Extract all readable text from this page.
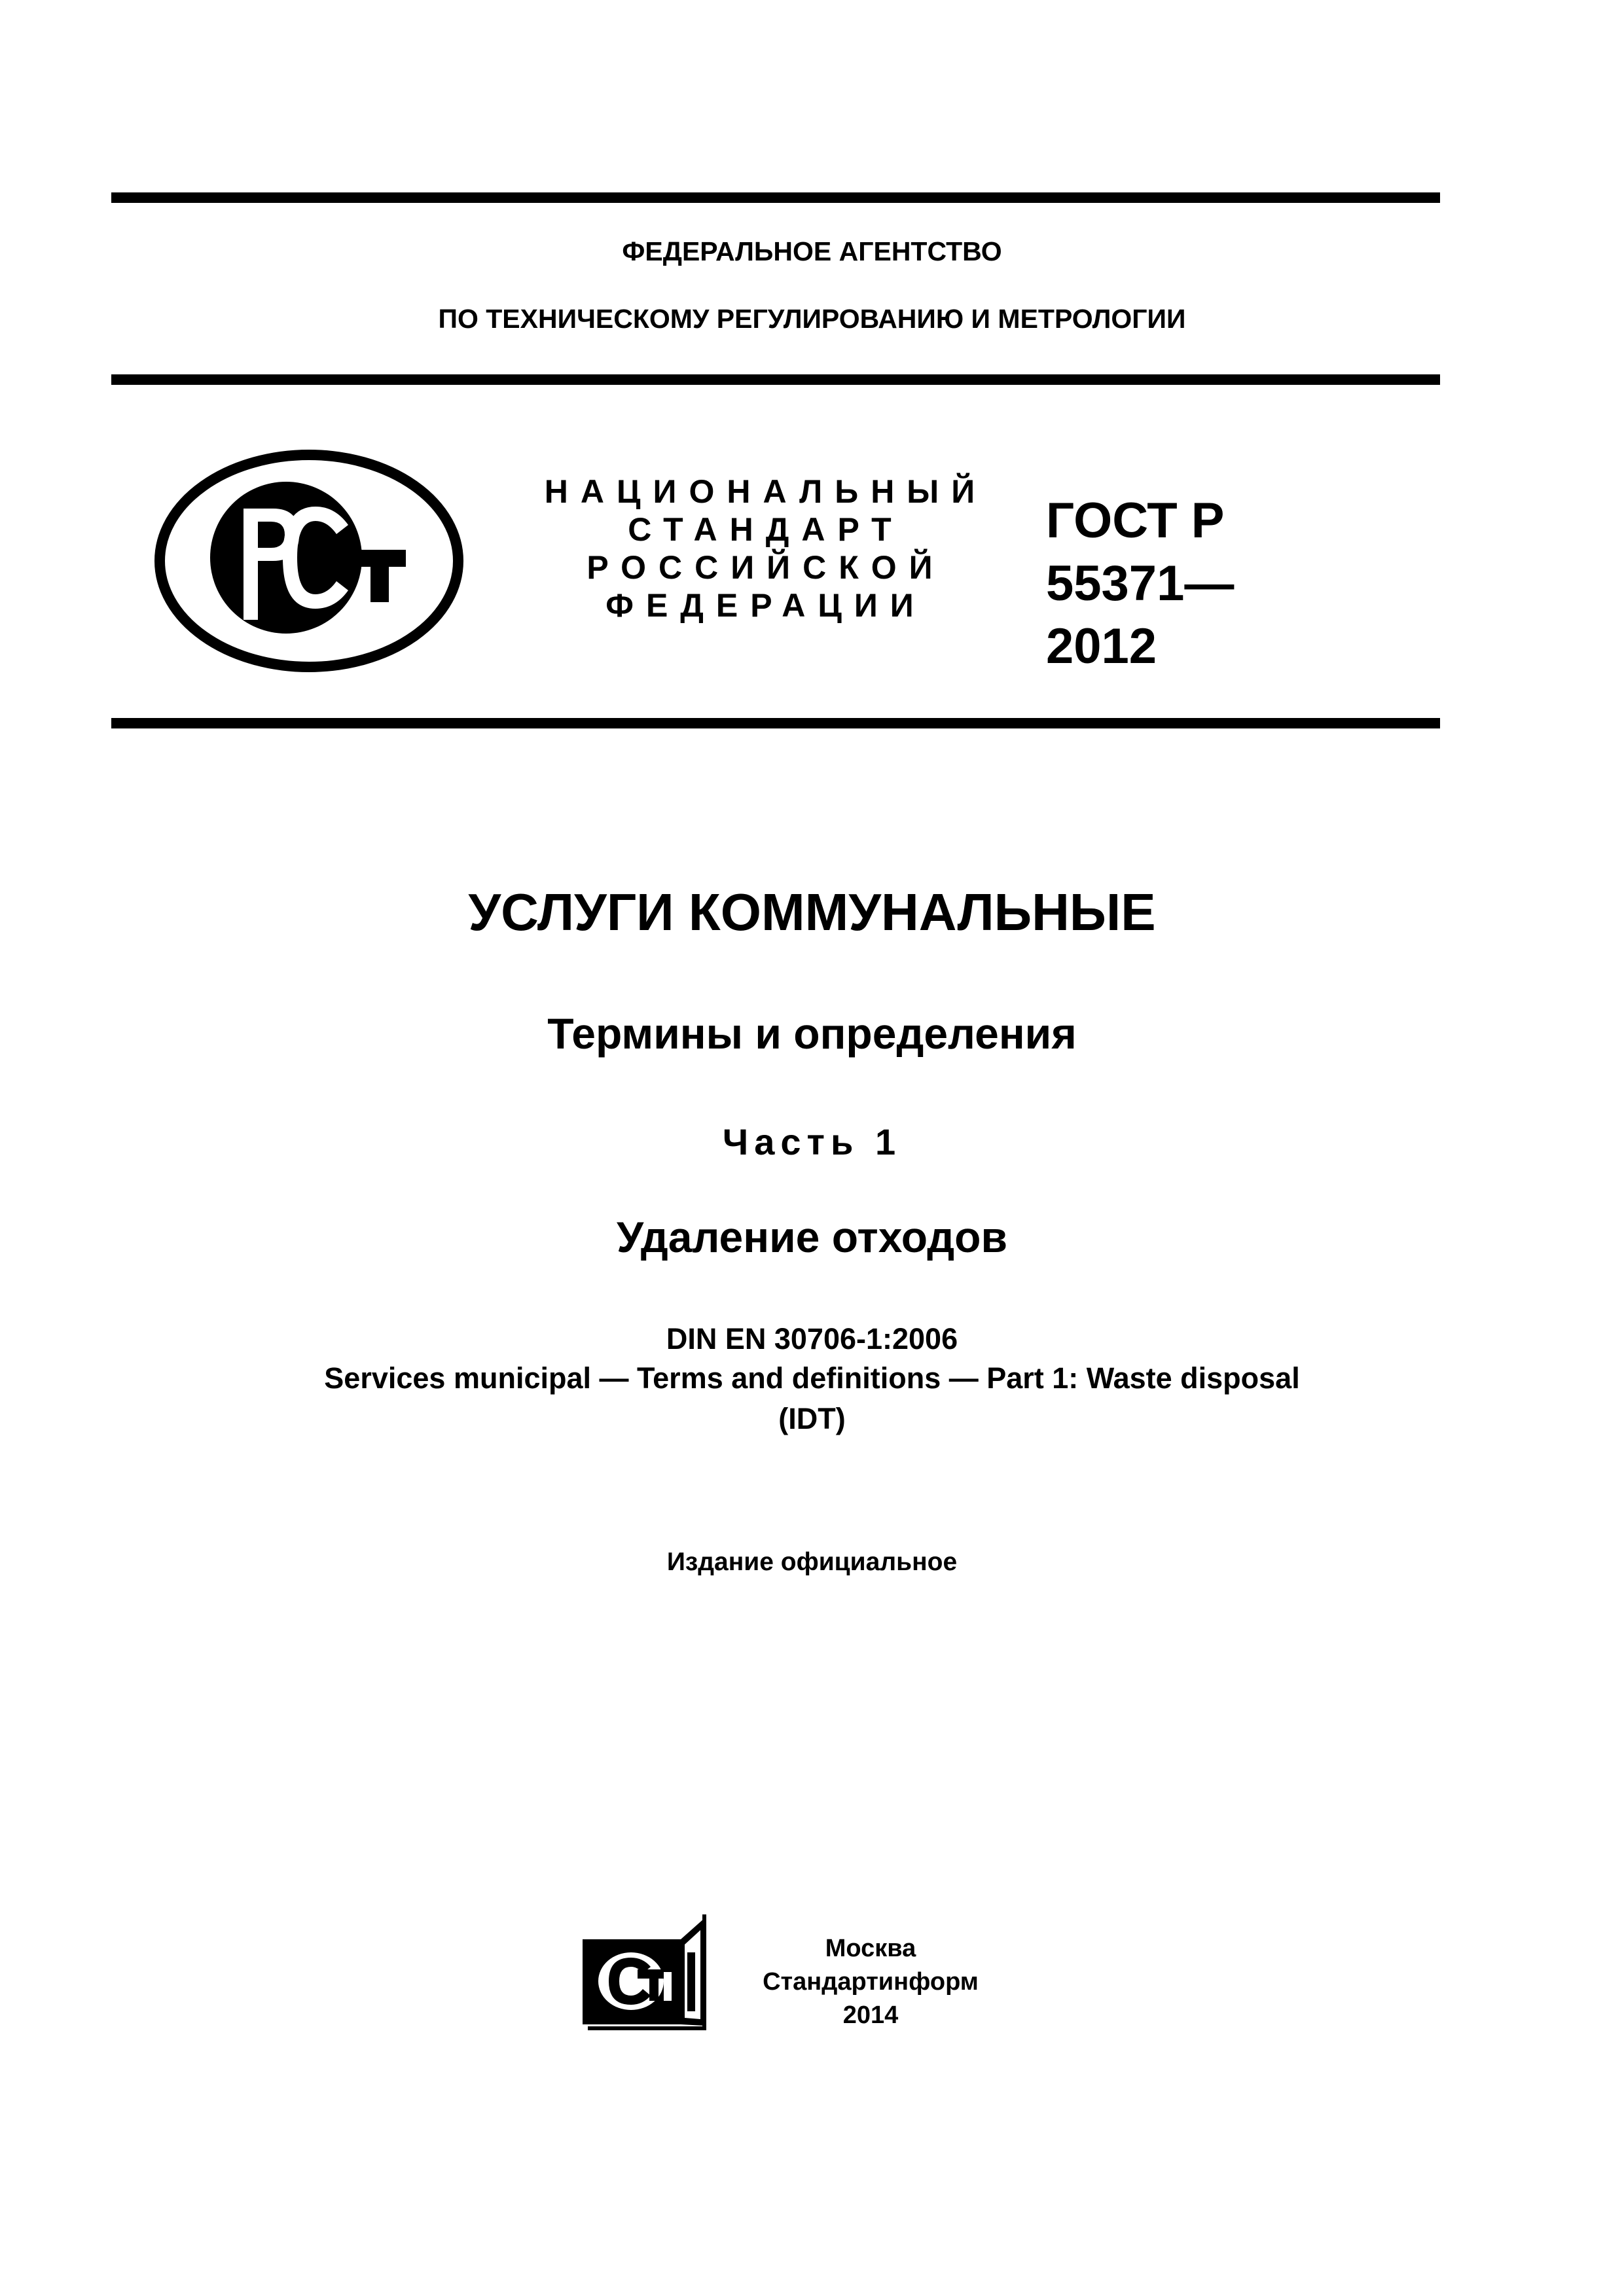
ФЕДЕРАЛЬНОЕ АГЕНТСТВО
ПО ТЕХНИЧЕСКОМУ РЕГУЛИРОВАНИЮ И МЕТРОЛОГИИ
НАЦИОНАЛЬНЫЙ
СТАНДАРТ
РОССИЙСКОЙ
ФЕДЕРАЦИИ
ГОСТ Р
55371—
2012
УСЛУГИ КОММУНАЛЬНЫЕ
Термины и определения
Часть 1
Удаление отходов
DIN EN 30706-1:2006
Services municipal — Terms and definitions — Part 1: Waste disposal
(IDT)
Издание официальное
Москва
Стандартинформ
2014
